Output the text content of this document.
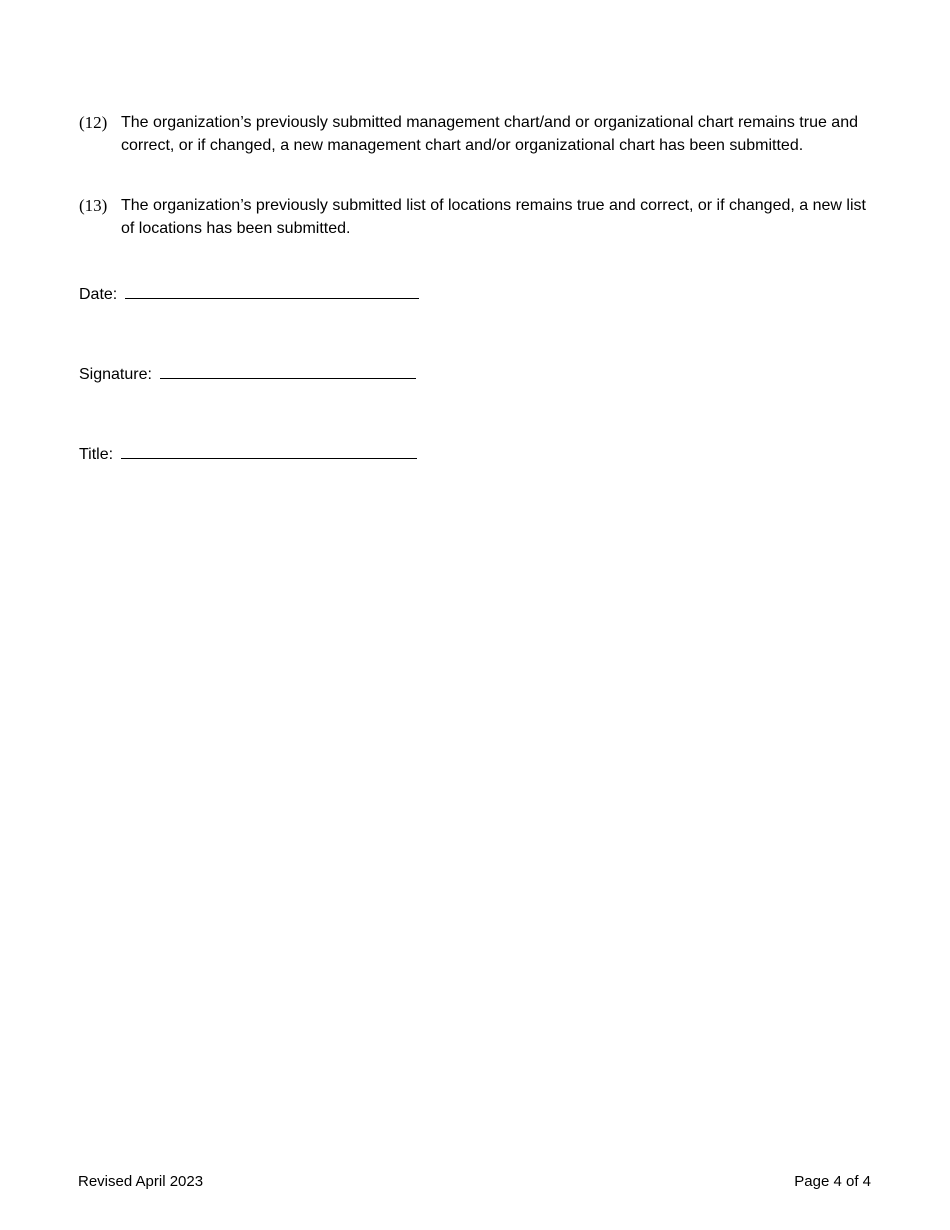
(12) The organization’s previously submitted management chart/and or organizational chart remains true and correct, or if changed, a new management chart and/or organizational chart has been submitted.
(13) The organization’s previously submitted list of locations remains true and correct, or if changed, a new list of locations has been submitted.
Date:
Signature:
Title:
Revised April 2023	Page 4 of 4
